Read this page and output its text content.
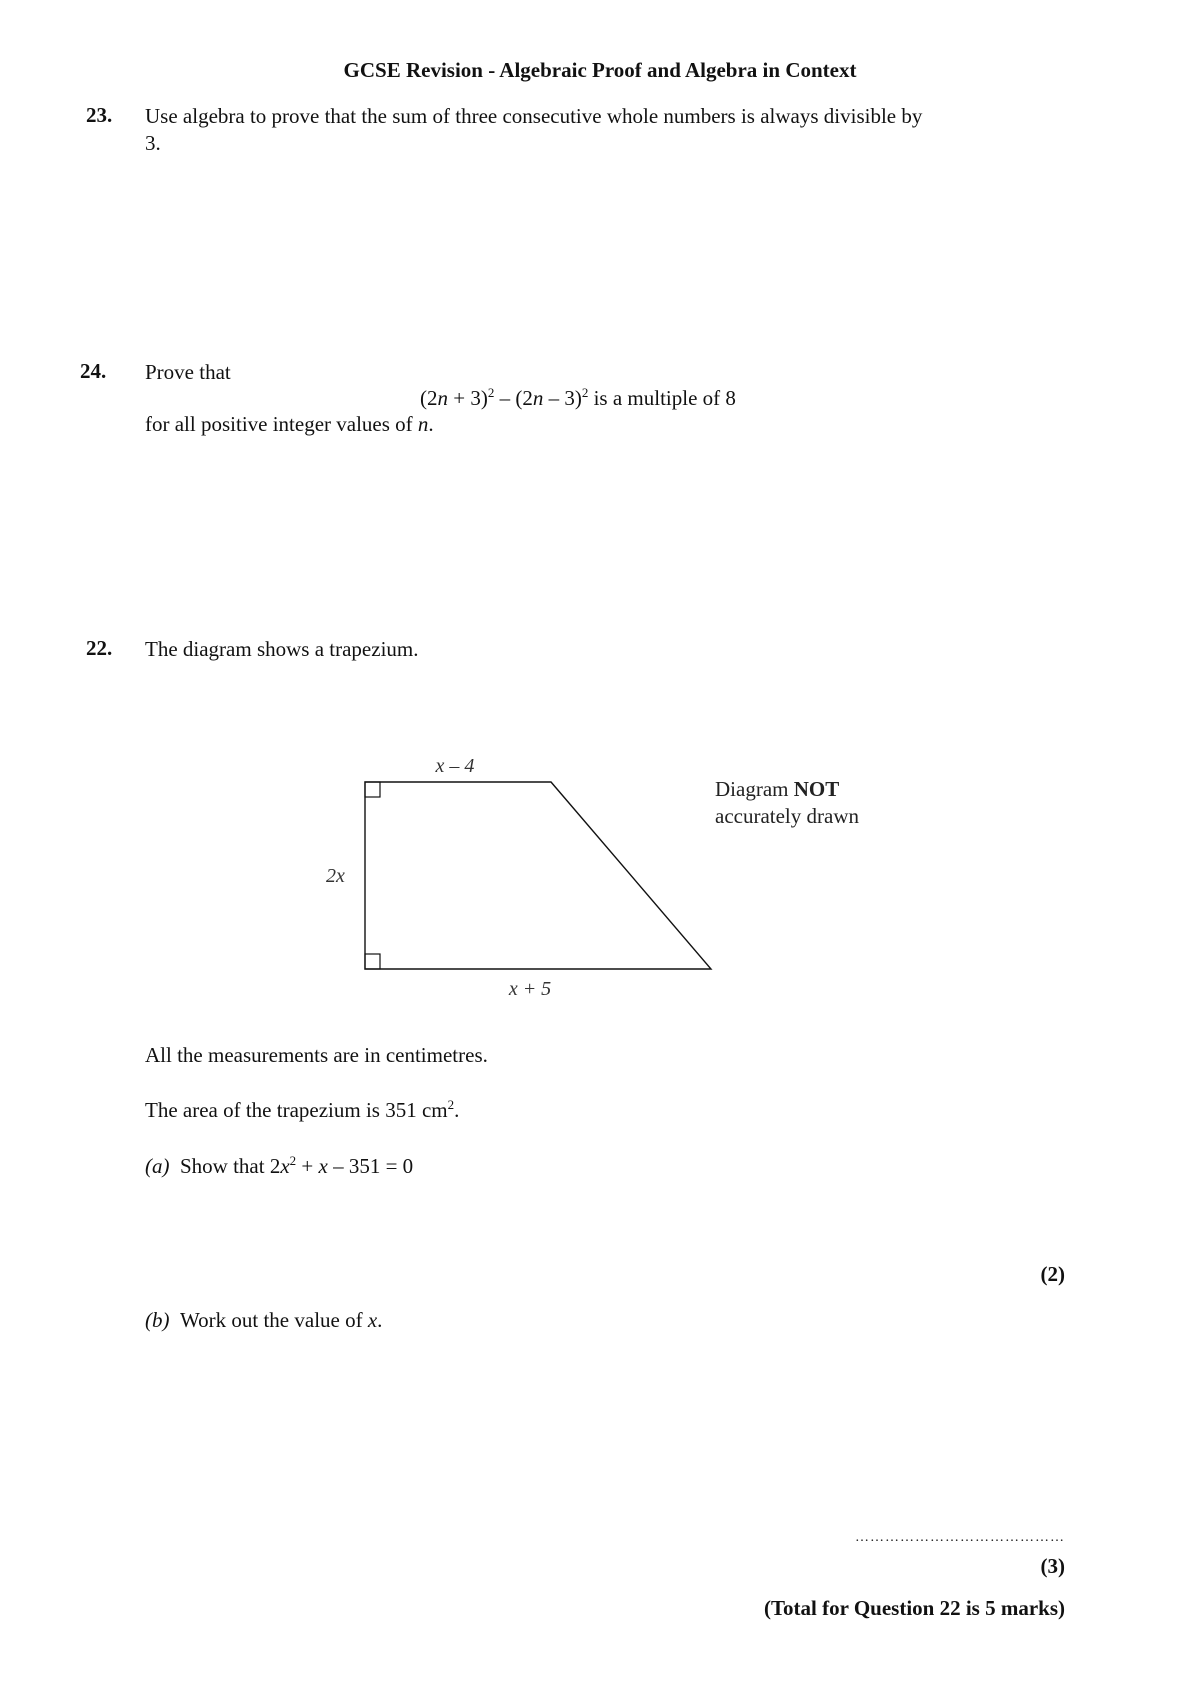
GCSE Revision - Algebraic Proof and Algebra in Context
23. Use algebra to prove that the sum of three consecutive whole numbers is always divisible by
3.
24. Prove that
$(2n + 3)^2 - (2n - 3)^2$ is a multiple of 8
for all positive integer values of n.
22. The diagram shows a trapezium.
x – 4
2x
x + 5
Diagram NOT
accurately drawn
All the measurements are in centimetres.
The area of the trapezium is 351 $cm^2$.
(a) Show that $2x^2 + x - 351 = 0$
(2)
(b) Work out the value of x.
……………………………………
(3)
(Total for Question 22 is 5 marks)
